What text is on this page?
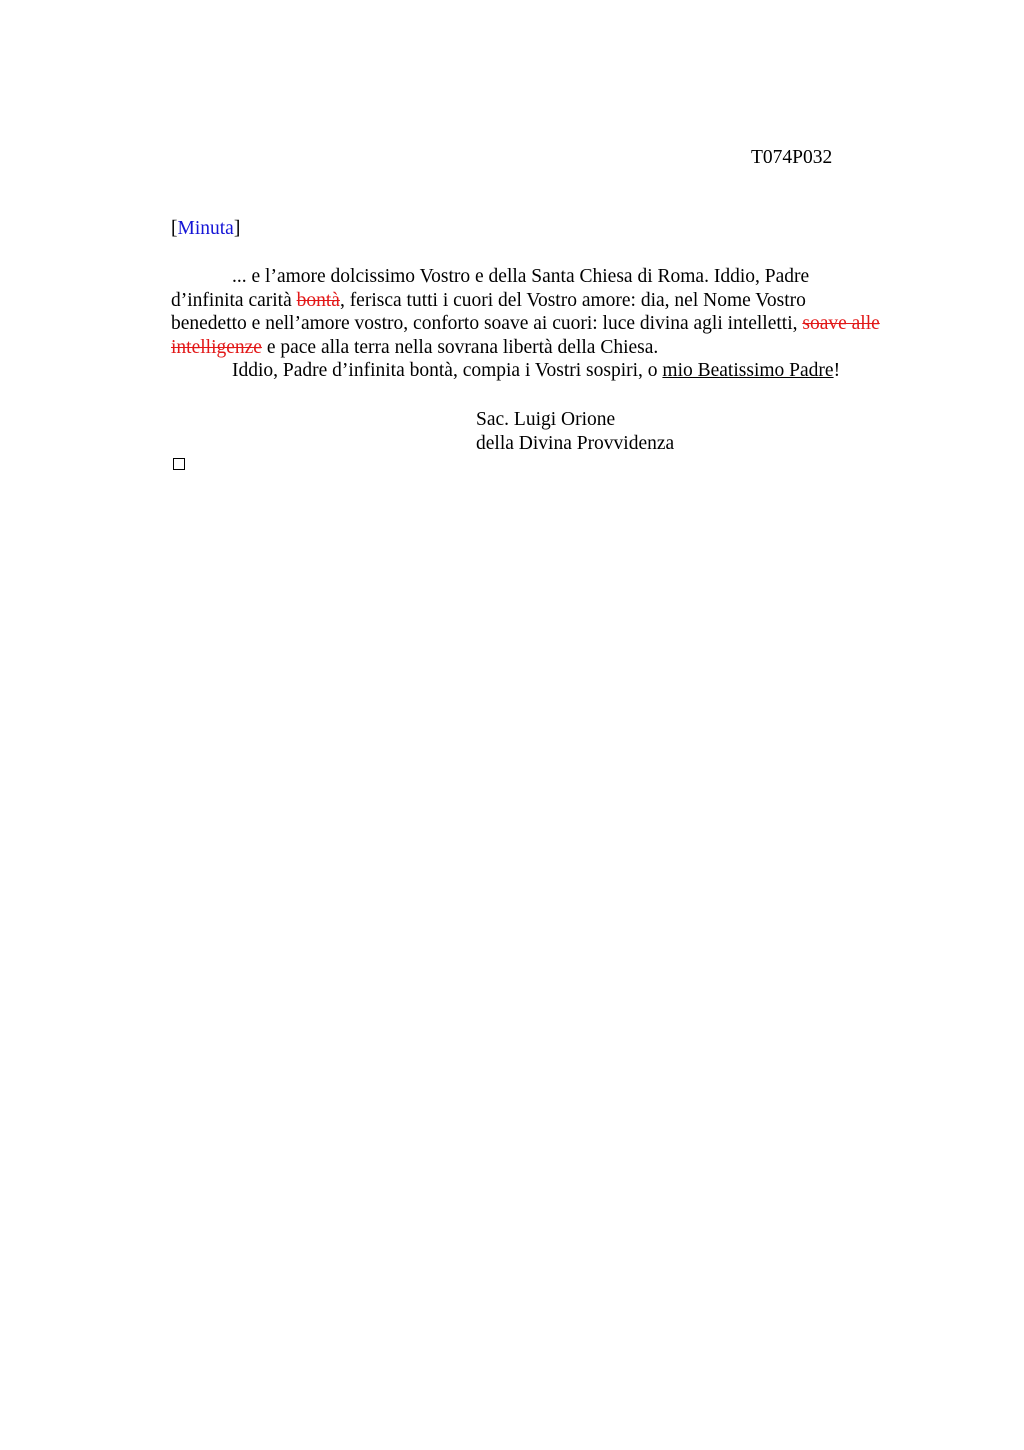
T074P032
[Minuta]
... e l’amore dolcissimo Vostro e della Santa Chiesa di Roma. Iddio, Padre
d’infinita carità bontà, ferisca tutti i cuori del Vostro amore: dia, nel Nome Vostro
benedetto e nell’amore vostro, conforto soave ai cuori: luce divina agli intelletti, soave alle
intelligenze e pace alla terra nella sovrana libertà della Chiesa.
Iddio, Padre d’infinita bontà, compia i Vostri sospiri, o mio Beatissimo Padre!
Sac. Luigi Orione
della Divina Provvidenza
